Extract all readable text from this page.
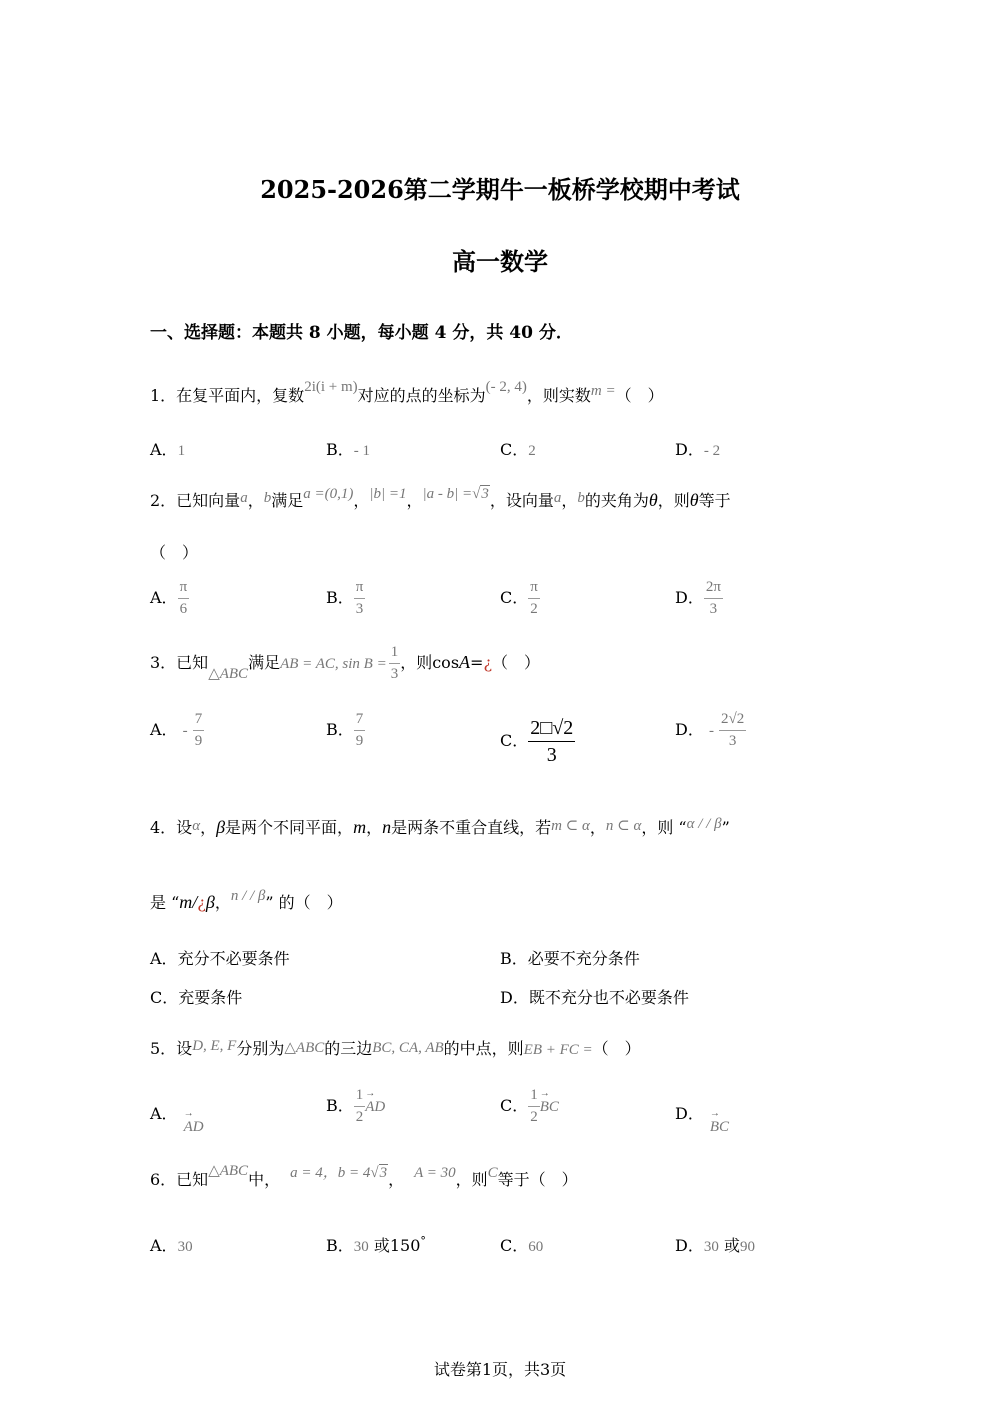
2025-2026第二学期牛一板桥学校期中考试
高一数学
一、选择题：本题共 8 小题，每小题 4 分，共 40 分．
1．在复平面内，复数2i(i + m)对应的点的坐标为(- 2, 4)，则实数m =（　）
A．1	B．- 1	C．2	D．- 2
2．已知向量a，b满足a =(0,1)，|b| =1，|a - b| =√3，设向量a，b的夹角为θ，则θ等于
（　）
A． $\frac{\pi}{6}$	B． $\frac{\pi}{3}$	C． $\frac{\pi}{2}$	D． $\frac{2\pi}{3}$
3．已知△ABC满足AB = AC, $\sin B = \frac{1}{3}$ ，则cosA=¿（　）
A． - $\frac{7}{9}$	B． $\frac{7}{9}$	C． $\frac{2□√2}{3}$	D． - $\frac{2√2}{3}$
4．设α，β是两个不同平面，m，n是两条不重合直线，若m ⊂ α，n ⊂ α，则 “α / / β”
是 “m/¿β，n / / β” 的（　）
A．充分不必要条件	B．必要不充分条件
C．充要条件	D．既不充分也不必要条件
5．设D, E, F分别为△ABC的三边BC, CA, AB的中点，则EB + FC =（　）
A．→ AD
B． $\frac{1}{2}$ → AD	C． $\frac{1}{2}$ → BC	D．→ BC
6．已知△ABC中， a = 4，b = 4√3， A = 30，则C等于（　）
A．30	B．30 或150°	C．60	D．30 或90
试卷第1页，共3页
